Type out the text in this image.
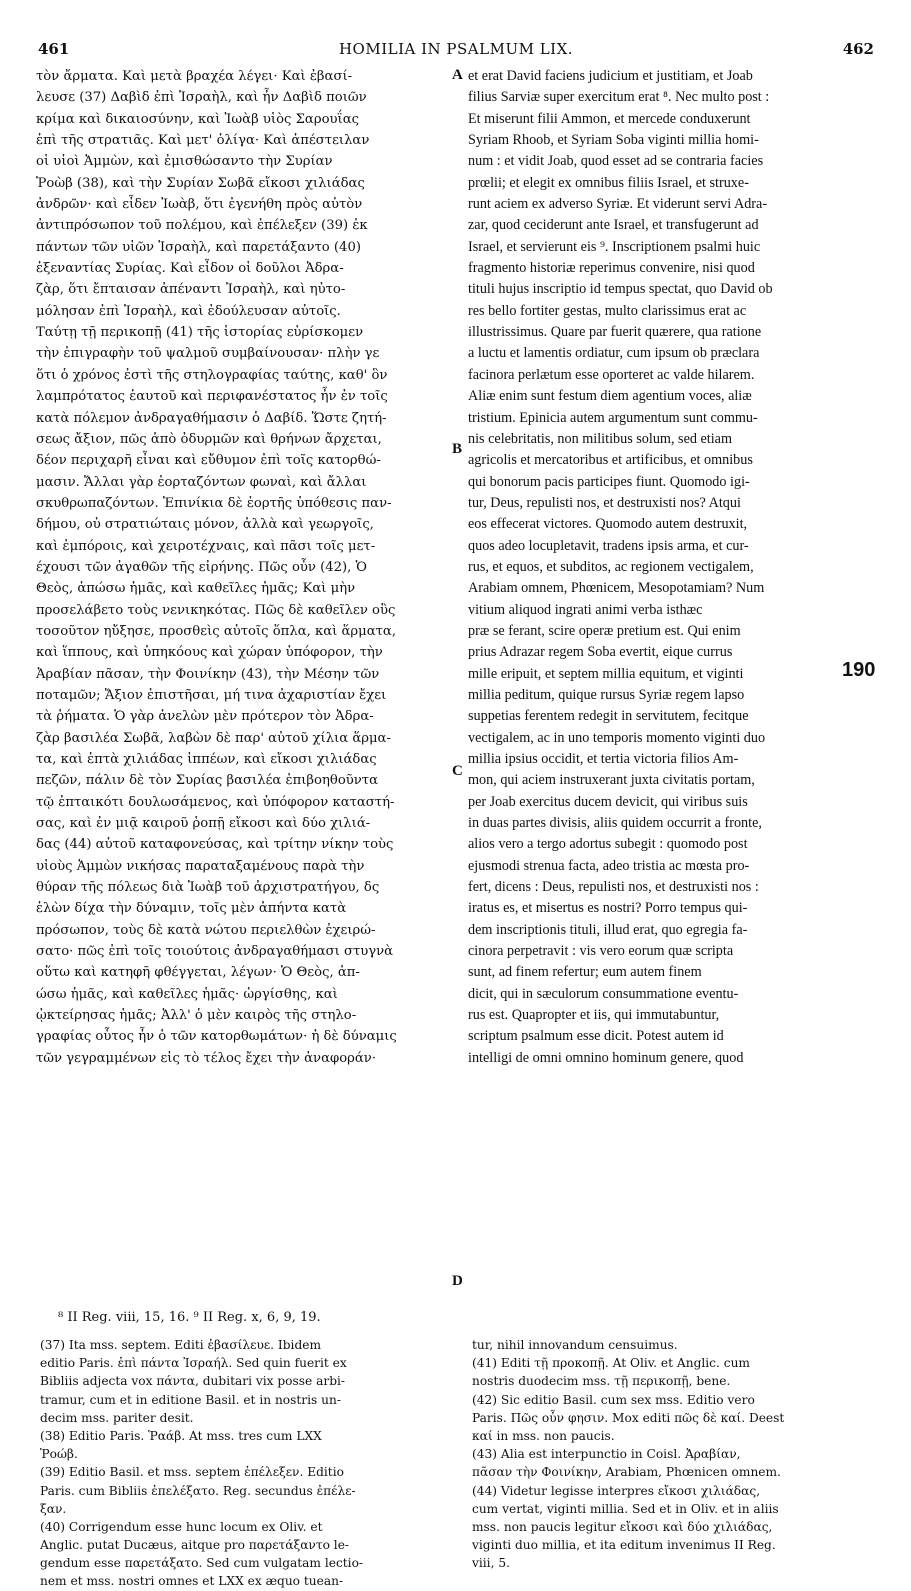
461	HOMILIA IN PSALMUM LIX.	462
τὸν ἄρματα. Καὶ μετὰ βραχέα λέγει· Καὶ ἐβασί-
λευσε (37) Δαβὶδ ἐπὶ Ἰσραὴλ, καὶ ἦν Δαβὶδ ποιῶν
κρίμα καὶ δικαιοσύνην, καὶ Ἰωὰβ υἱὸς Σαρουΐας
ἐπὶ τῆς στρατιᾶς. Καὶ μετ' ὀλίγα· Καὶ ἀπέστειλαν
οἱ υἱοὶ Ἀμμὼν, καὶ ἐμισθώσαντο τὴν Συρίαν
Ῥοὼβ (38), καὶ τὴν Συρίαν Σωβᾶ εἴκοσι χιλιάδας
ἀνδρῶν· καὶ εἶδεν Ἰωὰβ, ὅτι ἐγενήθη πρὸς αὐτὸν
ἀντιπρόσωπον τοῦ πολέμου, καὶ ἐπέλεξεν (39) ἐκ
πάντων τῶν υἱῶν Ἰσραὴλ, καὶ παρετάξαντο (40)
ἐξεναντίας Συρίας. Καὶ εἶδον οἱ δοῦλοι Ἀδρα-
ζὰρ, ὅτι ἔπταισαν ἀπέναντι Ἰσραὴλ, καὶ ηὐτο-
μόλησαν ἐπὶ Ἰσραὴλ, καὶ ἐδούλευσαν αὐτοῖς.
Ταύτῃ τῇ περικοπῇ (41) τῆς ἱστορίας εὑρίσκομεν
τὴν ἐπιγραφὴν τοῦ ψαλμοῦ συμβαίνουσαν· πλὴν γε
ὅτι ὁ χρόνος ἐστὶ τῆς στηλογραφίας ταύτης, καθ' ὃν
λαμπρότατος ἑαυτοῦ καὶ περιφανέστατος ἦν ἐν τοῖς
κατὰ πόλεμον ἀνδραγαθήμασιν ὁ Δαβίδ. Ὥστε ζητή-
σεως ἄξιον, πῶς ἀπὸ ὀδυρμῶν καὶ θρήνων ἄρχεται,
δέον περιχαρῆ εἶναι καὶ εὔθυμον ἐπὶ τοῖς κατορθώ-
μασιν. Ἄλλαι γὰρ ἑορταζόντων φωναὶ, καὶ ἄλλαι
σκυθρωπαζόντων. Ἐπινίκια δὲ ἑορτῆς ὑπόθεσις παν-
δήμου, οὐ στρατιώταις μόνον, ἀλλὰ καὶ γεωργοῖς,
καὶ ἐμπόροις, καὶ χειροτέχναις, καὶ πᾶσι τοῖς μετ-
έχουσι τῶν ἀγαθῶν τῆς εἰρήνης. Πῶς οὖν (42), Ὁ
Θεὸς, ἀπώσω ἡμᾶς, καὶ καθεῖλες ἡμᾶς; Καὶ μὴν
προσελάβετο τοὺς νενικηκότας. Πῶς δὲ καθεῖλεν οὓς
τοσοῦτον ηὔξησε, προσθεὶς αὐτοῖς ὅπλα, καὶ ἅρματα,
καὶ ἵππους, καὶ ὑπηκόους καὶ χώραν ὑπόφορον, τὴν
Ἀραβίαν πᾶσαν, τὴν Φοινίκην (43), τὴν Μέσην τῶν
ποταμῶν; Ἄξιον ἐπιστῆσαι, μή τινα ἀχαριστίαν ἔχει
τὰ ῥήματα. Ὁ γὰρ ἀνελὼν μὲν πρότερον τὸν Ἀδρα-
ζὰρ βασιλέα Σωβᾶ, λαβὼν δὲ παρ' αὐτοῦ χίλια ἅρμα-
τα, καὶ ἑπτὰ χιλιάδας ἱππέων, καὶ εἴκοσι χιλιάδας
πεζῶν, πάλιν δὲ τὸν Συρίας βασιλέα ἐπιβοηθοῦντα
τῷ ἐπταικότι δουλωσάμενος, καὶ ὑπόφορον καταστή-
σας, καὶ ἐν μιᾷ καιροῦ ῥοπῇ εἴκοσι καὶ δύο χιλιά-
δας (44) αὐτοῦ καταφονεύσας, καὶ τρίτην νίκην τοὺς
υἱοὺς Ἀμμὼν νικήσας παραταξαμένους παρὰ τὴν
θύραν τῆς πόλεως διὰ Ἰωὰβ τοῦ ἀρχιστρατήγου, δς
ἑλὼν δίχα τὴν δύναμιν, τοῖς μὲν ἀπήντα κατὰ
πρόσωπον, τοὺς δὲ κατὰ νώτου περιελθὼν ἐχειρώ-
σατο· πῶς ἐπὶ τοῖς τοιούτοις ἀνδραγαθήμασι στυγνὰ
οὕτω καὶ κατηφῆ φθέγγεται, λέγων· Ὁ Θεὸς, ἀπ-
ώσω ἡμᾶς, καὶ καθεῖλες ἡμᾶς· ὠργίσθης, καὶ
ᾠκτείρησας ἡμᾶς; Ἀλλ' ὁ μὲν καιρὸς τῆς στηλο-
γραφίας οὗτος ἦν ὁ τῶν κατορθωμάτων· ἡ δὲ δύναμις
τῶν γεγραμμένων εἰς τὸ τέλος ἔχει τὴν ἀναφοράν·
et erat David faciens judicium et justitiam, et Joab
filius Sarviæ super exercitum erat ⁸. Nec multo post :
Et miserunt filii Ammon, et mercede conduxerunt
Syriam Rhoob, et Syriam Soba viginti millia homi-
num : et vidit Joab, quod esset ad se contraria facies
prœlii; et elegit ex omnibus filiis Israel, et struxe-
runt aciem ex adverso Syriæ. Et viderunt servi Adra-
zar, quod ceciderunt ante Israel, et transfugerunt ad
Israel, et servierunt eis ⁹. Inscriptionem psalmi huic
fragmento historiæ reperimus convenire, nisi quod
tituli hujus inscriptio id tempus spectat, quo David ob
res bello fortiter gestas, multo clarissimus erat ac
illustrissimus. Quare par fuerit quærere, qua ratione
a luctu et lamentis ordiatur, cum ipsum ob præclara
facinora perlætum esse oporteret ac valde hilarem.
Aliæ enim sunt festum diem agentium voces, aliæ
tristium. Epinicia autem argumentum sunt commu-
nis celebritatis, non militibus solum, sed etiam
agricolis et mercatoribus et artificibus, et omnibus
qui bonorum pacis participes fiunt. Quomodo igi-
tur, Deus, repulisti nos, et destruxisti nos? Atqui
eos effecerat victores. Quomodo autem destruxit,
quos adeo locupletavit, tradens ipsis arma, et cur-
rus, et equos, et subditos, ac regionem vectigalem,
Arabiam omnem, Phœnicem, Mesopotamiam? Num
vitium aliquod ingrati animi verba isthæc
præ se ferant, scire operæ pretium est. Qui enim
prius Adrazar regem Soba evertit, eique currus
mille eripuit, et septem millia equitum, et viginti
millia peditum, quique rursus Syriæ regem lapso
suppetias ferentem redegit in servitutem, fecitque
vectigalem, ac in uno temporis momento viginti duo
millia ipsius occidit, et tertia victoria filios Am-
mon, qui aciem instruxerant juxta civitatis portam,
per Joab exercitus ducem devicit, qui viribus suis
in duas partes divisis, aliis quidem occurrit a fronte,
alios vero a tergo adortus subegit : quomodo post
ejusmodi strenua facta, adeo tristia ac mœsta pro-
fert, dicens : Deus, repulisti nos, et destruxisti nos :
iratus es, et misertus es nostri? Porro tempus qui-
dem inscriptionis tituli, illud erat, quo egregia fa-
cinora perpetravit : vis vero eorum quæ scripta
sunt, ad finem refertur; eum autem finem
dicit, qui in sæculorum consummatione eventu-
rus est. Quapropter et iis, qui immutabuntur,
scriptum psalmum esse dicit. Potest autem id
intelligi de omni omnino hominum genere, quod
A
B
C
D
190
⁸ II Reg. viii, 15, 16. ⁹ II Reg. x, 6, 9, 19.
(37) Ita mss. septem. Editi ἐβασίλευε. Ibidem
editio Paris. ἐπὶ πάντα Ἰσραήλ. Sed quin fuerit ex
Bibliis adjecta vox πάντα, dubitari vix posse arbi-
tramur, cum et in editione Basil. et in nostris un-
decim mss. pariter desit.
(38) Editio Paris. Ῥαάβ. At mss. tres cum LXX
Ῥοώβ.
(39) Editio Basil. et mss. septem ἐπέλεξεν. Editio
Paris. cum Bibliis ἐπελέξατο. Reg. secundus ἐπέλε-
ξαν.
(40) Corrigendum esse hunc locum ex Oliv. et
Anglic. putat Ducæus, aitque pro παρετάξαντο le-
gendum esse παρετάξατο. Sed cum vulgatam lectio-
nem et mss. nostri omnes et LXX ex æquo tuean-
tur, nihil innovandum censuimus.
(41) Editi τῇ προκοπῇ. At Oliv. et Anglic. cum
nostris duodecim mss. τῇ περικοπῇ, bene.
(42) Sic editio Basil. cum sex mss. Editio vero
Paris. Πῶς οὖν φησιν. Mox editi πῶς δὲ καί. Deest
καί in mss. non paucis.
(43) Alia est interpunctio in Coisl. Ἀραβίαν,
πᾶσαν τὴν Φοινίκην, Arabiam, Phœnicen omnem.
(44) Videtur legisse interpres εἴκοσι χιλιάδας,
cum vertat, viginti millia. Sed et in Oliv. et in aliis
mss. non paucis legitur εἴκοσι καὶ δύο χιλιάδας,
viginti duo millia, et ita editum invenimus II Reg.
viii, 5.
